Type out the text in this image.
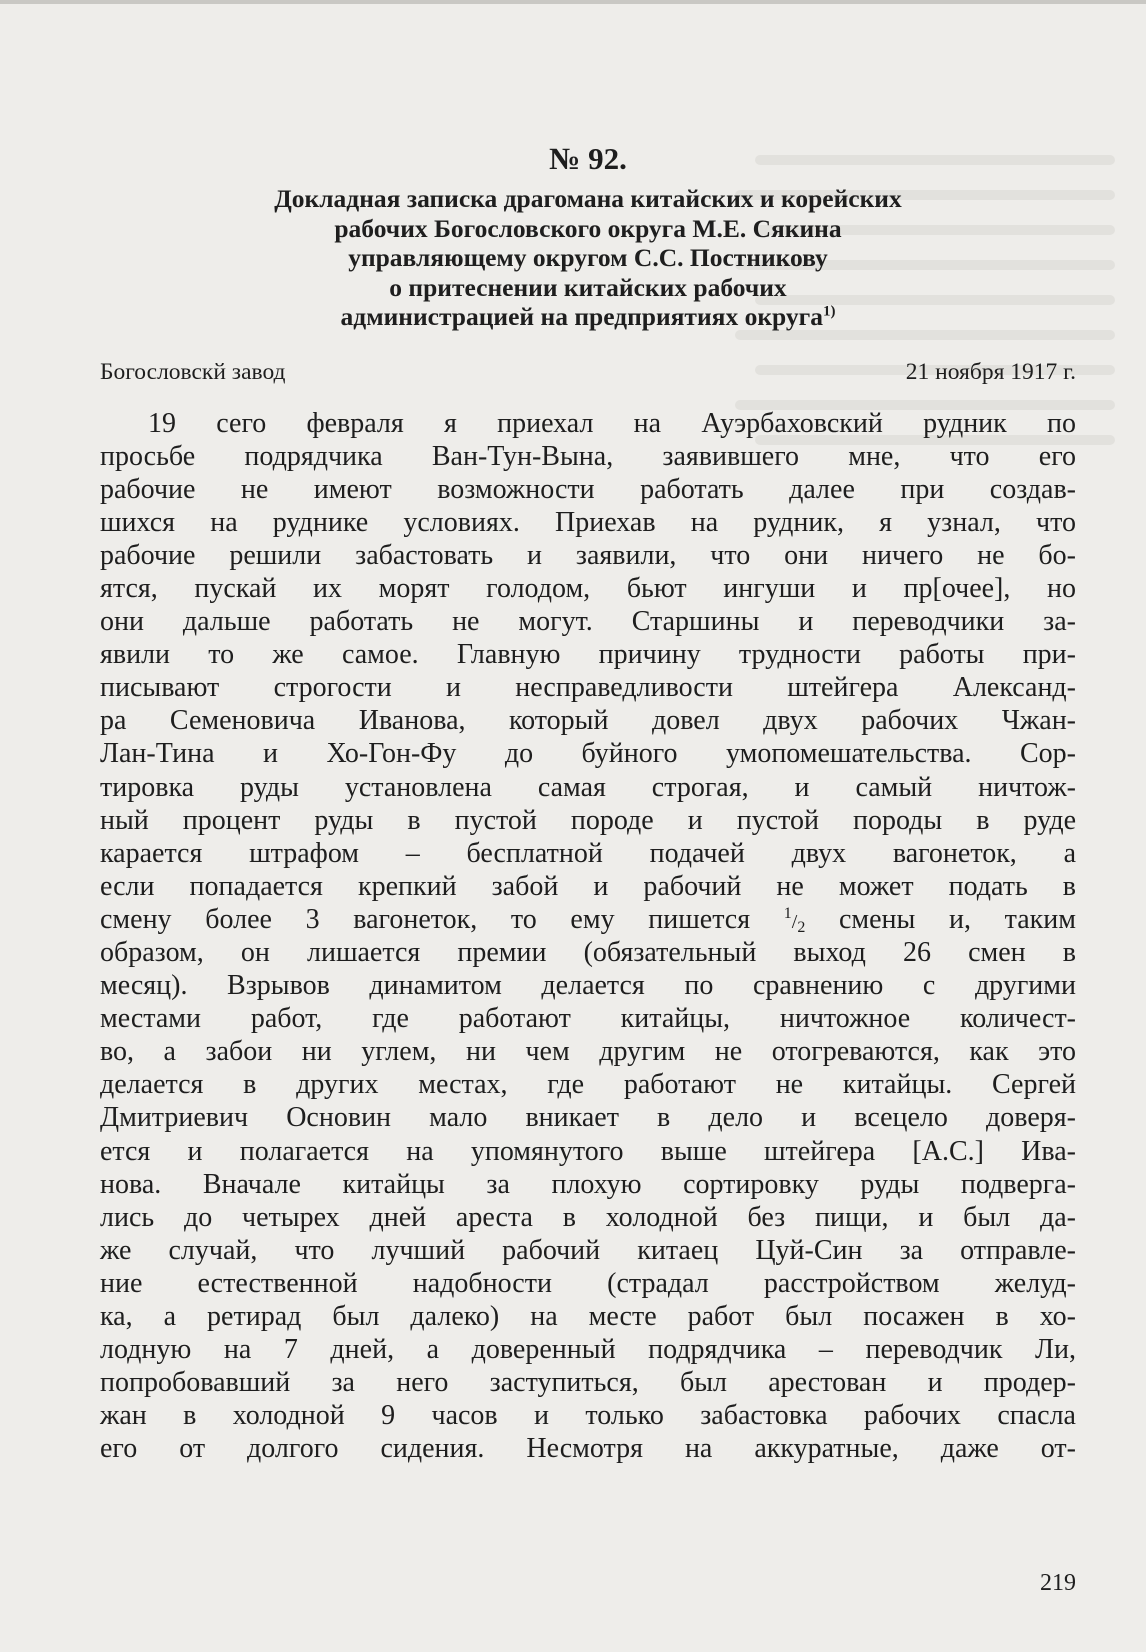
№ 92.
Докладная записка драгомана китайских и корейских
рабочих Богословского округа М.Е. Сякина
управляющему округом С.С. Постникову
о притеснении китайских рабочих
администрацией на предприятиях округа$^{1)}$
Богословскй завод	21 ноября 1917 г.
19 сего февраля я приехал на Ауэрбаховский рудник по
просьбе подрядчика Ван-Тун-Вына, заявившего мне, что его
рабочие не имеют возможности работать далее при создав-
шихся на руднике условиях. Приехав на рудник, я узнал, что
рабочие решили забастовать и заявили, что они ничего не бо-
ятся, пускай их морят голодом, бьют ингуши и пр[очее], но
они дальше работать не могут. Старшины и переводчики за-
явили то же самое. Главную причину трудности работы при-
писывают строгости и несправедливости штейгера Александ-
ра Семеновича Иванова, который довел двух рабочих Чжан-
Лан-Тина и Хо-Гон-Фу до буйного умопомешательства. Сор-
тировка руды установлена самая строгая, и самый ничтож-
ный процент руды в пустой породе и пустой породы в руде
карается штрафом – бесплатной подачей двух вагонеток, а
если попадается крепкий забой и рабочий не может подать в
смену более 3 вагонеток, то ему пишется $^1$/2 смены и, таким
образом, он лишается премии (обязательный выход 26 смен в
месяц). Взрывов динамитом делается по сравнению с другими
местами работ, где работают китайцы, ничтожное количест-
во, а забои ни углем, ни чем другим не отогреваются, как это
делается в других местах, где работают не китайцы. Сергей
Дмитриевич Основин мало вникает в дело и всецело доверя-
ется и полагается на упомянутого выше штейгера [А.С.] Ива-
нова. Вначале китайцы за плохую сортировку руды подверга-
лись до четырех дней ареста в холодной без пищи, и был да-
же случай, что лучший рабочий китаец Цуй-Син за отправле-
ние естественной надобности (страдал расстройством желуд-
ка, а ретирад был далеко) на месте работ был посажен в хо-
лодную на 7 дней, а доверенный подрядчика – переводчик Ли,
попробовавший за него заступиться, был арестован и продер-
жан в холодной 9 часов и только забастовка рабочих спасла
его от долгого сидения. Несмотря на аккуратные, даже от-
219
